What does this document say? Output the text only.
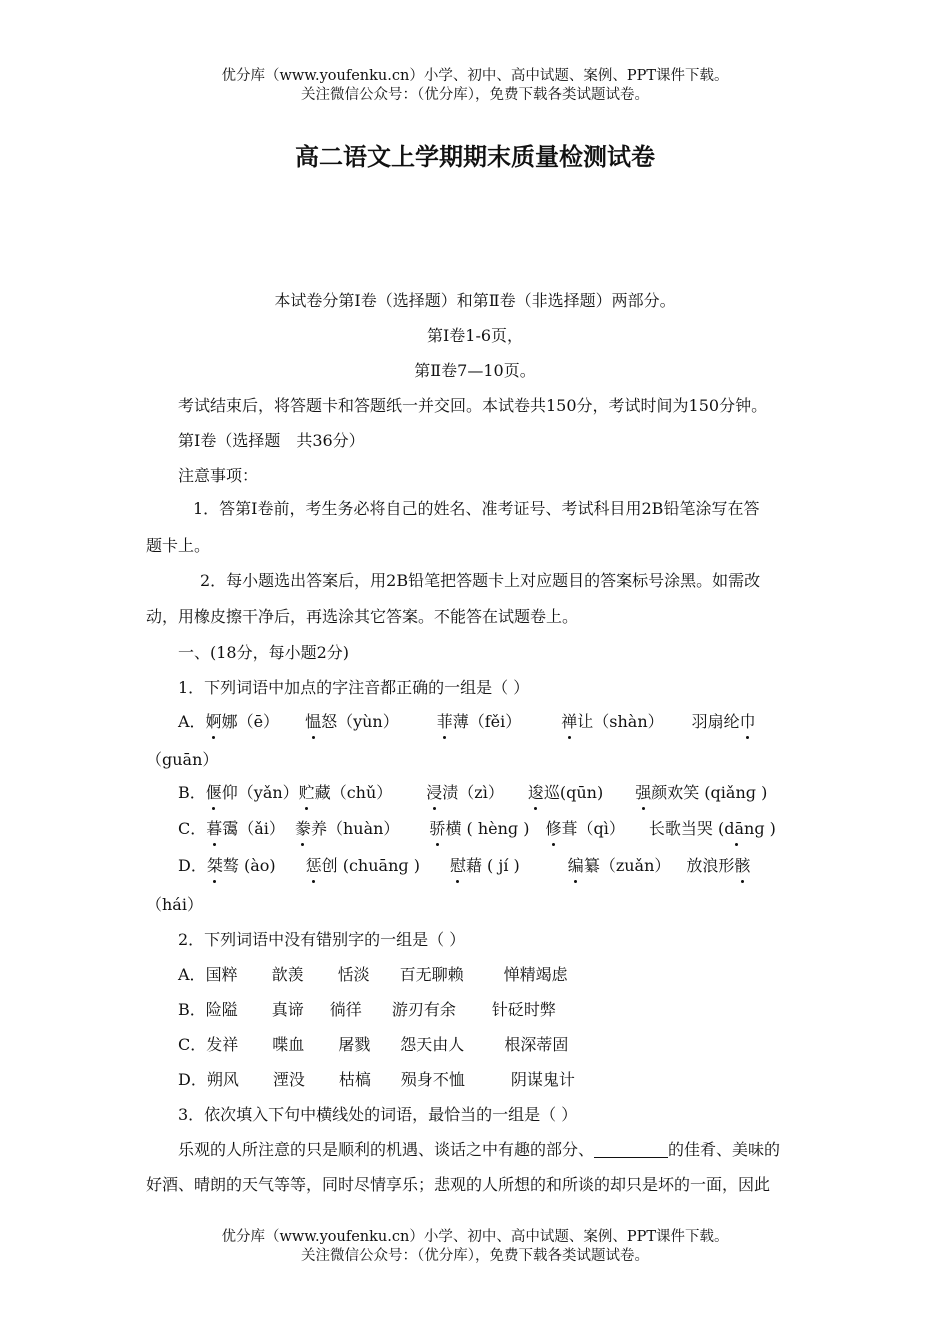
优分库（www.youfenku.cn）小学、初中、高中试题、案例、PPT课件下载。
关注微信公众号：（优分库），免费下载各类试题试卷。
高二语文上学期期末质量检测试卷
本试卷分第Ⅰ卷（选择题）和第Ⅱ卷（非选择题）两部分。
第Ⅰ卷1-6页，
第Ⅱ卷7—10页。
考试结束后，将答题卡和答题纸一并交回。本试卷共150分，考试时间为150分钟。
第Ⅰ卷（选择题　共36分）
注意事项：
1．答第Ⅰ卷前，考生务必将自己的姓名、准考证号、考试科目用2B铅笔涂写在答
题卡上。
2．每小题选出答案后，用2B铅笔把答题卡上对应题目的答案标号涂黑。如需改
动，用橡皮擦干净后，再选涂其它答案。不能答在试题卷上。
一、(18分，每小题2分)
1．下列词语中加点的字注音都正确的一组是（ ）
A．婀娜（ē） 愠怒（yùn） 菲薄（fěi）	禅让（shàn） 羽扇纶巾
（guān）
B．偃仰（yǎn）贮藏（chǔ） 浸渍（zì） 逡巡(qūn) 强颜欢笑 (qiǎnɡ )
C．暮霭（ǎi） 豢养（huàn） 骄横 ( hènɡ ) 修葺（qì） 长歌当哭 (dānɡ )
D．桀骜 (ào) 惩创 (chuānɡ ) 慰藉 ( jí )	编纂（zuǎn） 放浪形骸
（hái）
2．下列词语中没有错别字的一组是（ ）
A．国粹 歆羡 恬淡 百无聊赖	惮精竭虑
B．险隘 真谛 徜徉 游刃有余 针砭时弊
C．发祥 喋血 屠戮 怨天由人	根深蒂固
D．朔风 湮没 枯槁 殒身不恤	阴谋鬼计
3．依次填入下句中横线处的词语，最恰当的一组是（ ）
乐观的人所注意的只是顺利的机遇、谈话之中有趣的部分、	的佳肴、美味的
好酒、晴朗的天气等等，同时尽情享乐；悲观的人所想的和所谈的却只是坏的一面，因此
优分库（www.youfenku.cn）小学、初中、高中试题、案例、PPT课件下载。
关注微信公众号：（优分库），免费下载各类试题试卷。
